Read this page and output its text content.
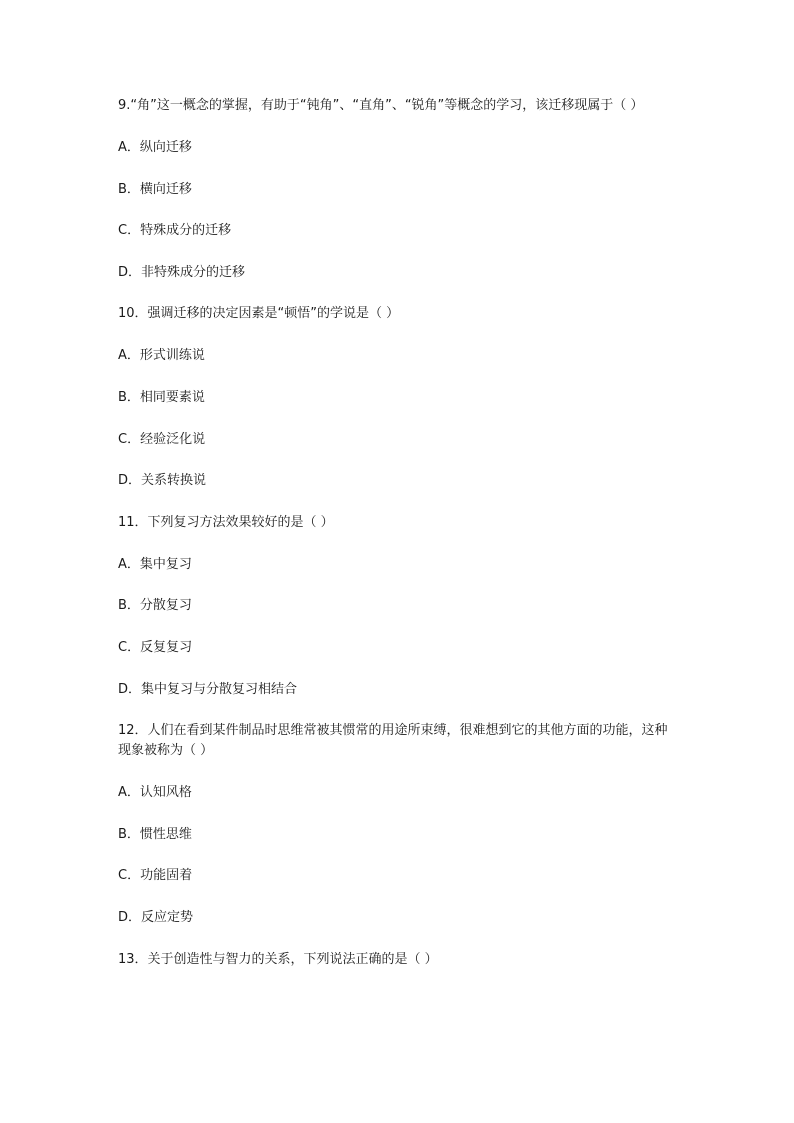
9.“角”这一概念的掌握，有助于“钝角”、“直角”、“锐角”等概念的学习，该迁移现属于（ ）

A．纵向迁移

B．横向迁移

C．特殊成分的迁移

D．非特殊成分的迁移

10．强调迁移的决定因素是“顿悟”的学说是（ ）

A．形式训练说

B．相同要素说

C．经验泛化说

D．关系转换说

11．下列复习方法效果较好的是（ ）

A．集中复习

B．分散复习

C．反复复习

D．集中复习与分散复习相结合

12．人们在看到某件制品时思维常被其惯常的用途所束缚，很难想到它的其他方面的功能，这种现象被称为（ ）

A．认知风格

B．惯性思维

C．功能固着

D．反应定势

13．关于创造性与智力的关系，下列说法正确的是（ ）
